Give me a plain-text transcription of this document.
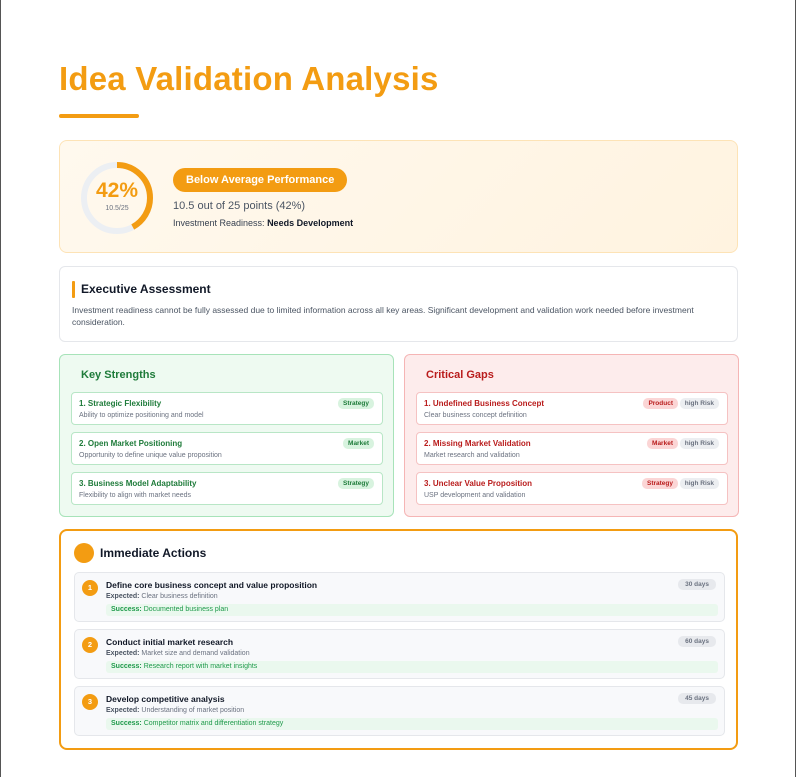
Idea Validation Analysis
42%
10.5/25
Below Average Performance
10.5 out of 25 points (42%)
Investment Readiness: Needs Development
Executive Assessment
Investment readiness cannot be fully assessed due to limited information across all key areas. Significant development and validation work needed before investment consideration.
Key Strengths
1. Strategic Flexibility
Ability to optimize positioning and model
Strategy
2. Open Market Positioning
Opportunity to define unique value proposition
Market
3. Business Model Adaptability
Flexibility to align with market needs
Strategy
Critical Gaps
1. Undefined Business Concept
Clear business concept definition
Product	high Risk
2. Missing Market Validation
Market research and validation
Market	high Risk
3. Unclear Value Proposition
USP development and validation
Strategy	high Risk
Immediate Actions
1	Define core business concept and value proposition
Expected: Clear business definition
Success: Documented business plan
30 days
2	Conduct initial market research
Expected: Market size and demand validation
Success: Research report with market insights
60 days
3	Develop competitive analysis
Expected: Understanding of market position
Success: Competitor matrix and differentiation strategy
45 days
